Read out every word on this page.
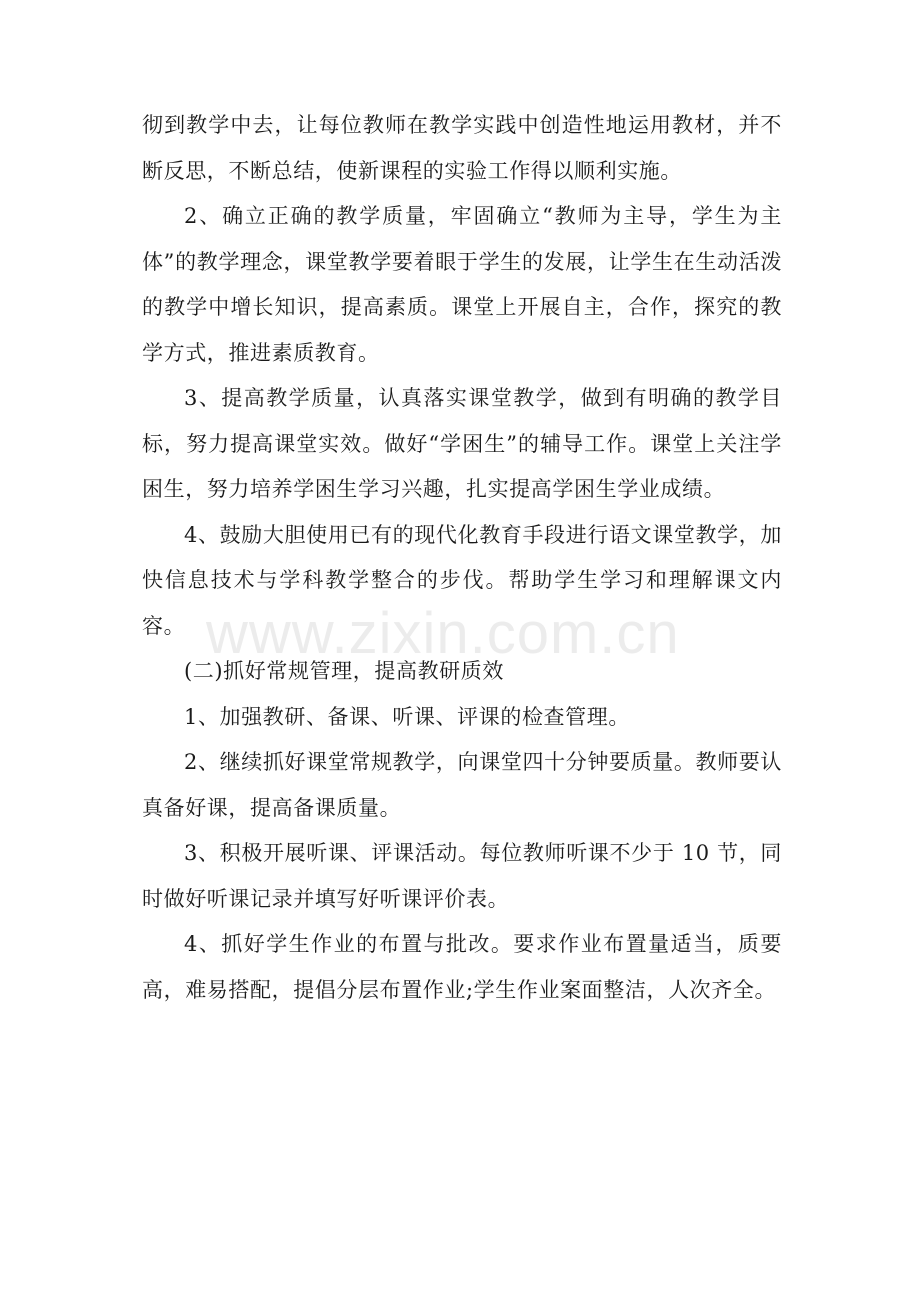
彻到教学中去，让每位教师在教学实践中创造性地运用教材，并不断反思，不断总结，使新课程的实验工作得以顺利实施。

2、确立正确的教学质量，牢固确立“教师为主导，学生为主体”的教学理念，课堂教学要着眼于学生的发展，让学生在生动活泼的教学中增长知识，提高素质。课堂上开展自主，合作，探究的教学方式，推进素质教育。

3、提高教学质量，认真落实课堂教学，做到有明确的教学目标，努力提高课堂实效。做好“学困生”的辅导工作。课堂上关注学困生，努力培养学困生学习兴趣，扎实提高学困生学业成绩。

4、鼓励大胆使用已有的现代化教育手段进行语文课堂教学，加快信息技术与学科教学整合的步伐。帮助学生学习和理解课文内容。

(二)抓好常规管理，提高教研质效

1、加强教研、备课、听课、评课的检查管理。

2、继续抓好课堂常规教学，向课堂四十分钟要质量。教师要认真备好课，提高备课质量。

3、积极开展听课、评课活动。每位教师听课不少于 10 节，同时做好听课记录并填写好听课评价表。

4、抓好学生作业的布置与批改。要求作业布置量适当，质要高，难易搭配，提倡分层布置作业;学生作业案面整洁，人次齐全。

www.zixin.com.cn
